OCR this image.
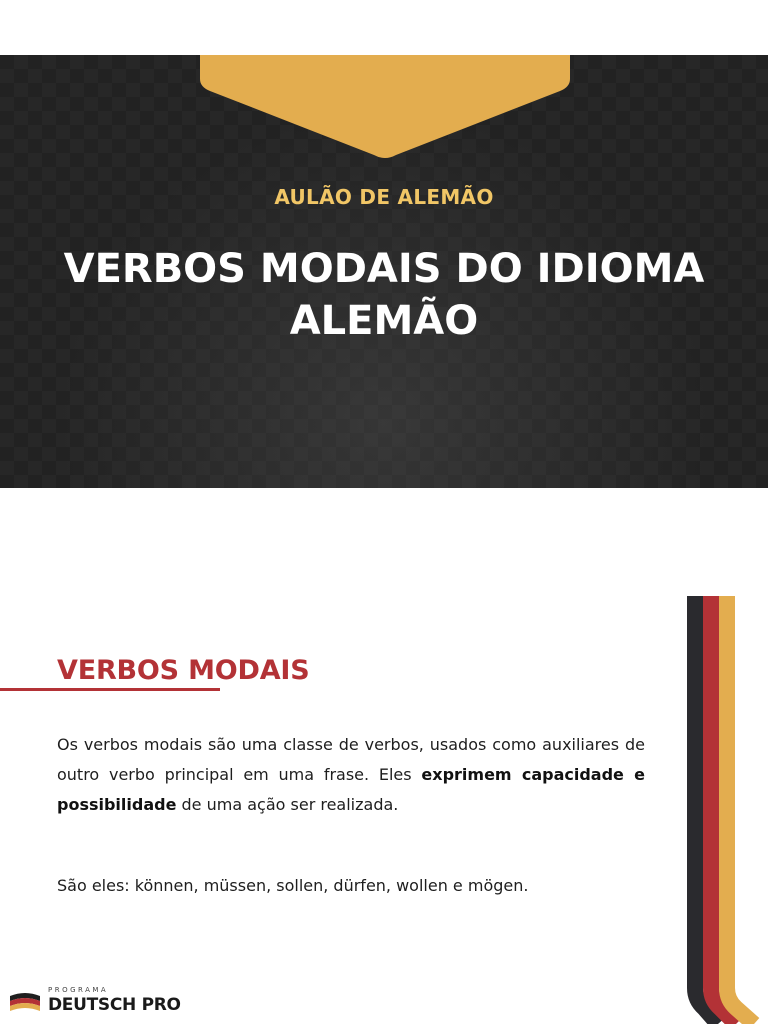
AULÃO DE ALEMÃO
VERBOS MODAIS DO IDIOMA ALEMÃO
VERBOS MODAIS
Os verbos modais são uma classe de verbos, usados como auxiliares de outro verbo principal em uma frase. Eles exprimem capacidade e possibilidade de uma ação ser realizada.
São eles: können, müssen, sollen, dürfen, wollen e mögen.
PROGRAMA
DEUTSCH PRO
